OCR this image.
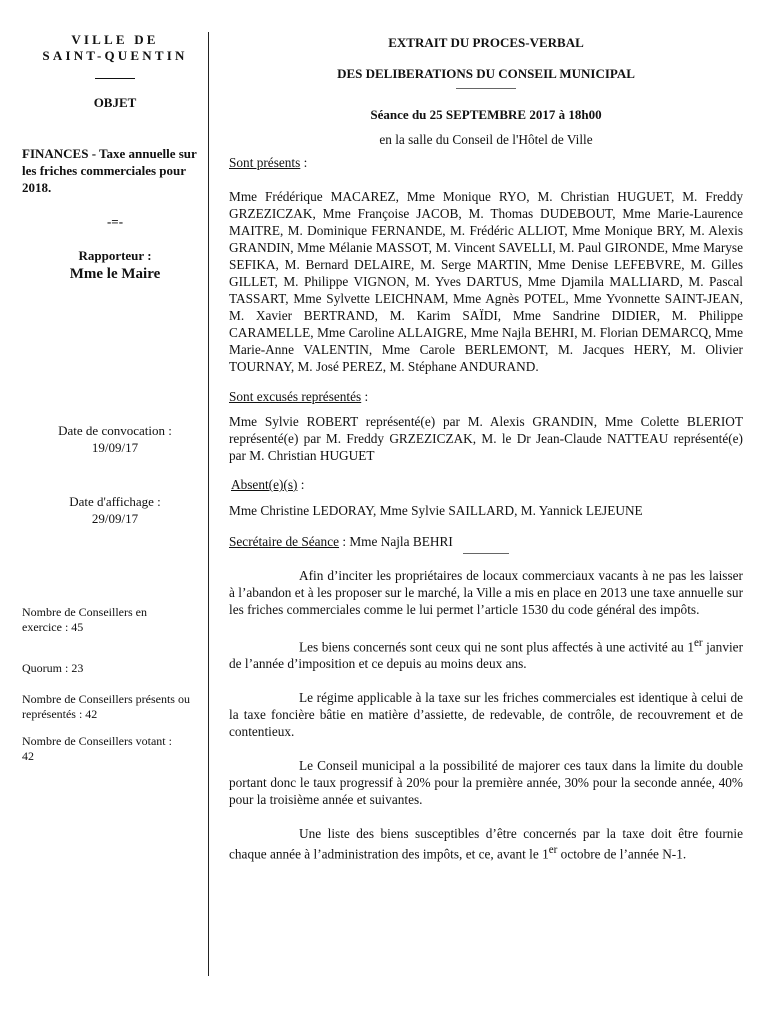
VILLE DE
SAINT-QUENTIN
OBJET
FINANCES - Taxe annuelle sur les friches commerciales pour 2018.
-=-
Rapporteur :
Mme le Maire
Date de convocation :
19/09/17
Date d'affichage :
29/09/17
Nombre de Conseillers en exercice : 45
Quorum : 23
Nombre de Conseillers présents ou représentés : 42
Nombre de Conseillers votant : 42
EXTRAIT DU PROCES-VERBAL
DES DELIBERATIONS DU CONSEIL MUNICIPAL
Séance du 25 SEPTEMBRE 2017 à 18h00
en la salle du Conseil de l'Hôtel de Ville
Sont présents :
Mme Frédérique MACAREZ, Mme Monique RYO, M. Christian HUGUET, M. Freddy GRZEZICZAK, Mme Françoise JACOB, M. Thomas DUDEBOUT, Mme Marie-Laurence MAITRE, M. Dominique FERNANDE, M. Frédéric ALLIOT, Mme Monique BRY, M. Alexis GRANDIN, Mme Mélanie MASSOT, M. Vincent SAVELLI, M. Paul GIRONDE, Mme Maryse SEFIKA, M. Bernard DELAIRE, M. Serge MARTIN, Mme Denise LEFEBVRE, M. Gilles GILLET, M. Philippe VIGNON, M. Yves DARTUS, Mme Djamila MALLIARD, M. Pascal TASSART, Mme Sylvette LEICHNAM, Mme Agnès POTEL, Mme Yvonnette SAINT-JEAN, M. Xavier BERTRAND, M. Karim SAÏDI, Mme Sandrine DIDIER, M. Philippe CARAMELLE, Mme Caroline ALLAIGRE, Mme Najla BEHRI, M. Florian DEMARCQ, Mme Marie-Anne VALENTIN, Mme Carole BERLEMONT, M. Jacques HERY, M. Olivier TOURNAY, M. José PEREZ, M. Stéphane ANDURAND.
Sont excusés représentés :
Mme Sylvie ROBERT représenté(e) par M. Alexis GRANDIN, Mme Colette BLERIOT représenté(e) par M. Freddy GRZEZICZAK, M. le Dr Jean-Claude NATTEAU représenté(e) par M. Christian HUGUET
Absent(e)(s) :
Mme Christine LEDORAY, Mme Sylvie SAILLARD, M. Yannick LEJEUNE
Secrétaire de Séance : Mme Najla BEHRI

Afin d’inciter les propriétaires de locaux commerciaux vacants à ne pas les laisser à l’abandon et à les proposer sur le marché, la Ville a mis en place en 2013 une taxe annuelle sur les friches commerciales comme le lui permet l’article 1530 du code général des impôts.

Les biens concernés sont ceux qui ne sont plus affectés à une activité au 1er janvier de l’année d’imposition et ce depuis au moins deux ans.

Le régime applicable à la taxe sur les friches commerciales est identique à celui de la taxe foncière bâtie en matière d’assiette, de redevable, de contrôle, de recouvrement et de contentieux.

Le Conseil municipal a la possibilité de majorer ces taux dans la limite du double portant donc le taux progressif à 20% pour la première année, 30% pour la seconde année, 40% pour la troisième année et suivantes.

Une liste des biens susceptibles d’être concernés par la taxe doit être fournie chaque année à l’administration des impôts, et ce, avant le 1er octobre de l’année N-1.
